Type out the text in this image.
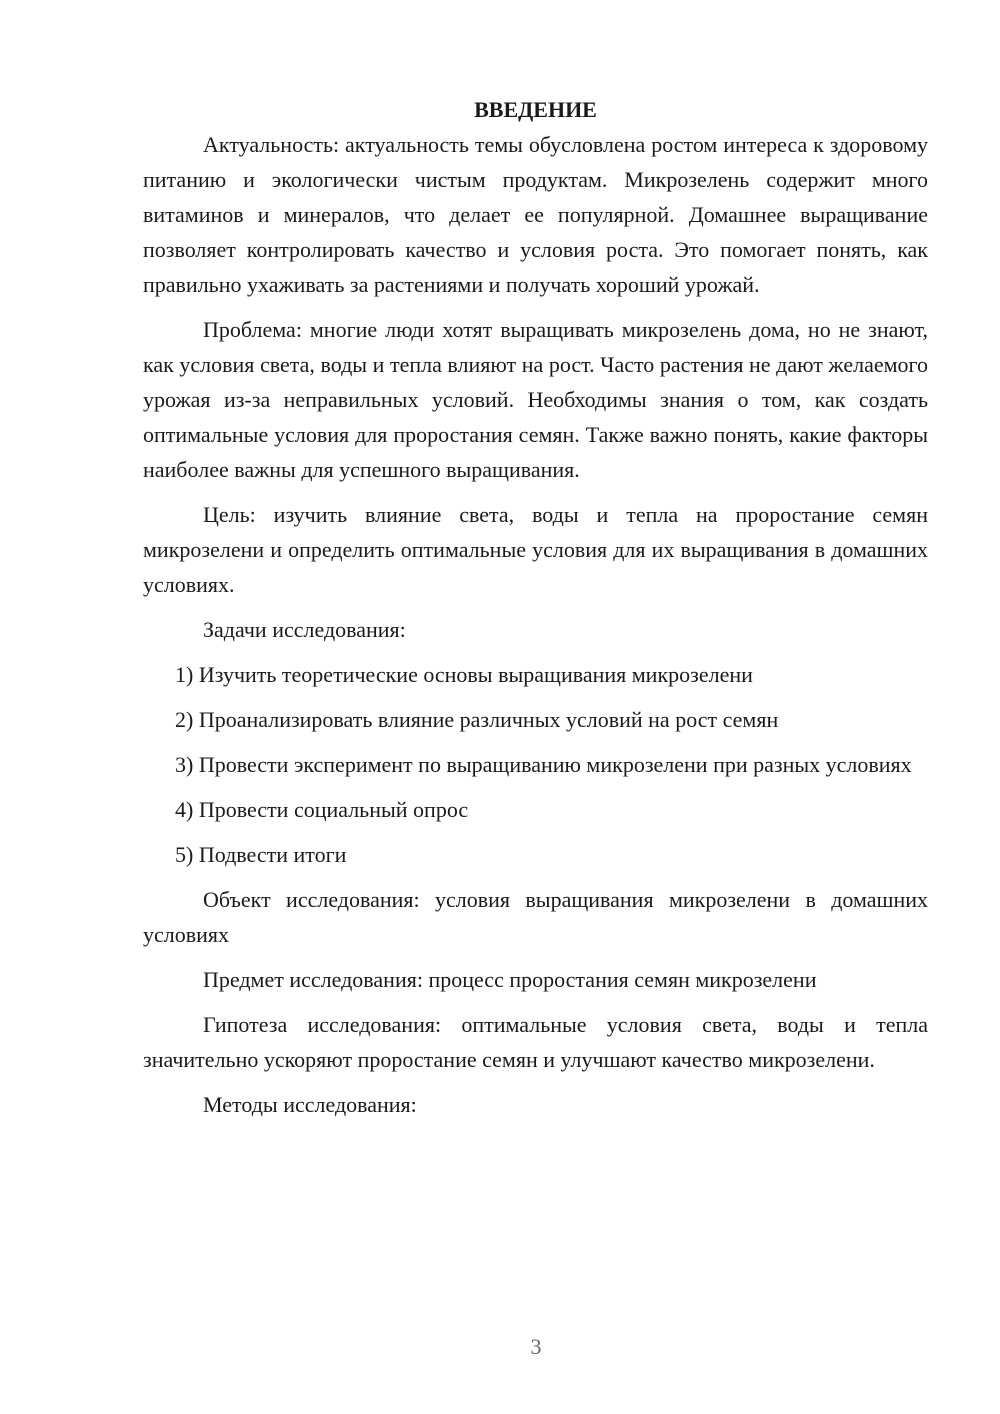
ВВЕДЕНИЕ

Актуальность: актуальность темы обусловлена ростом интереса к здоровому питанию и экологически чистым продуктам. Микрозелень содержит много витаминов и минералов, что делает ее популярной. Домашнее выращивание позволяет контролировать качество и условия роста. Это помогает понять, как правильно ухаживать за растениями и получать хороший урожай.

Проблема: многие люди хотят выращивать микрозелень дома, но не знают, как условия света, воды и тепла влияют на рост. Часто растения не дают желаемого урожая из-за неправильных условий. Необходимы знания о том, как создать оптимальные условия для проростания семян. Также важно понять, какие факторы наиболее важны для успешного выращивания.

Цель: изучить влияние света, воды и тепла на проростание семян микрозелени и определить оптимальные условия для их выращивания в домашних условиях.

Задачи исследования:

1) Изучить теоретические основы выращивания микрозелени

2) Проанализировать влияние различных условий на рост семян

3) Провести эксперимент по выращиванию микрозелени при разных условиях

4) Провести социальный опрос

5) Подвести итоги

Объект исследования: условия выращивания микрозелени в домашних условиях

Предмет исследования: процесс проростания семян микрозелени

Гипотеза исследования: оптимальные условия света, воды и тепла значительно ускоряют проростание семян и улучшают качество микрозелени.

Методы исследования:

3
